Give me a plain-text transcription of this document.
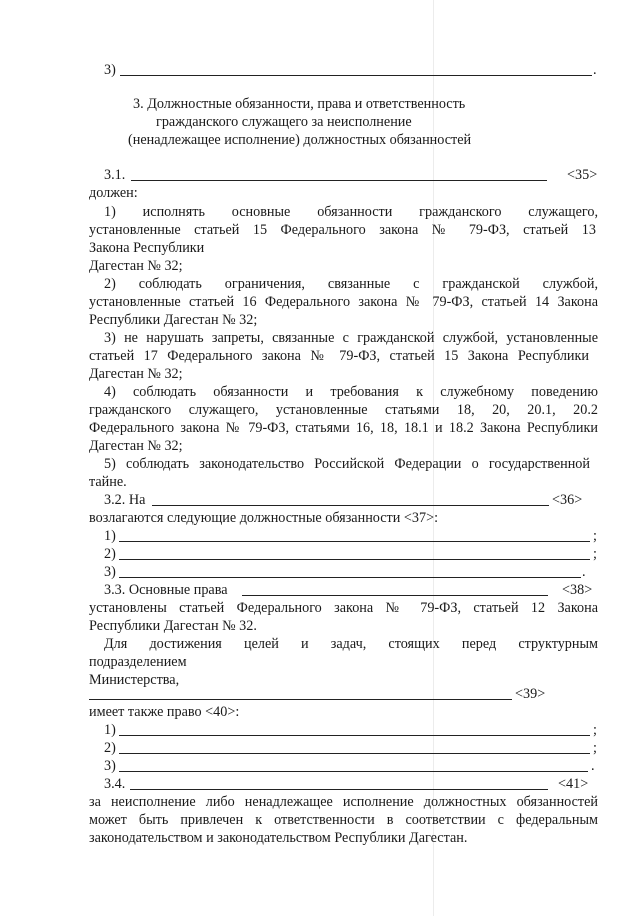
3)	.
3. Должностные обязанности, права и ответственность
гражданского служащего за неисполнение
(ненадлежащее исполнение) должностных обязанностей
3.1.	<35>
должен:
1) исполнять основные обязанности гражданского служащего,
установленные статьей 15 Федерального закона № 79-ФЗ, статьей 13
Закона Республики
Дагестан № 32;
2) соблюдать ограничения, связанные с гражданской службой,
установленные статьей 16 Федерального закона № 79-ФЗ, статьей 14 Закона
Республики Дагестан № 32;
3) не нарушать запреты, связанные с гражданской службой, установленные
статьей 17 Федерального закона № 79-ФЗ, статьей 15 Закона Республики
Дагестан № 32;
4) соблюдать обязанности и требования к служебному поведению
гражданского служащего, установленные статьями 18, 20, 20.1, 20.2
Федерального закона № 79-ФЗ, статьями 16, 18, 18.1 и 18.2 Закона Республики
Дагестан № 32;
5) соблюдать законодательство Российской Федерации о государственной
тайне.
3.2. На	<36>
возлагаются следующие должностные обязанности <37>:
1)	;
2)	;
3)	.
3.3. Основные права	<38>
установлены статьей Федерального закона № 79-ФЗ, статьей 12 Закона
Республики Дагестан № 32.
Для достижения целей и задач, стоящих перед структурным
подразделением
Министерства,
<39>
имеет также право <40>:
1)	;
2)	;
3)	.
3.4.	<41>
за неисполнение либо ненадлежащее исполнение должностных обязанностей
может быть привлечен к ответственности в соответствии с федеральным
законодательством и законодательством Республики Дагестан.
